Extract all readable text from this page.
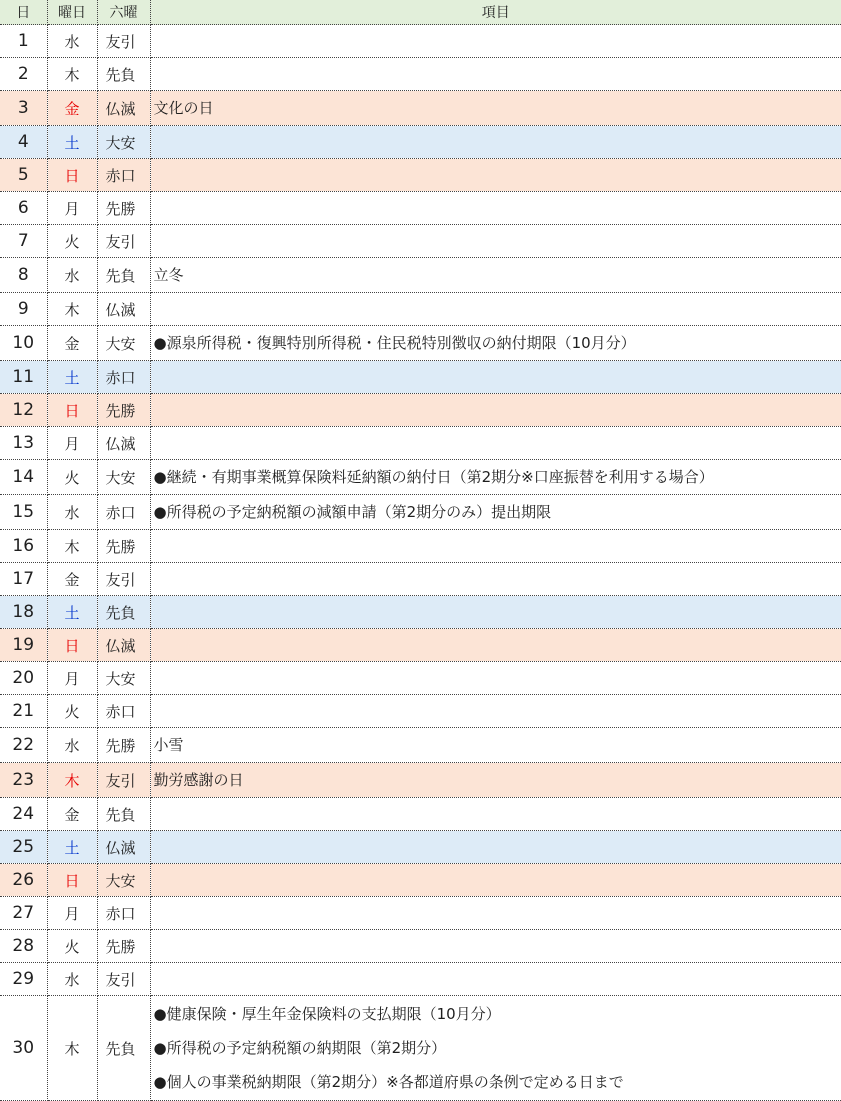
日	曜日	六曜	項目
1	水	友引	
2	木	先負	
3	金	仏滅	文化の日

4	土	大安	
5	日	赤口	
6	月	先勝	
7	火	友引	
8	水	先負	立冬

9	木	仏滅	
10	金	大安	●源泉所得税・復興特別所得税・住民税特別徴収の納付期限（10月分）

11	土	赤口	
12	日	先勝	
13	月	仏滅	
14	火	大安	●継続・有期事業概算保険料延納額の納付日（第2期分※口座振替を利用する場合）

15	水	赤口	●所得税の予定納税額の減額申請（第2期分のみ）提出期限

16	木	先勝	
17	金	友引	
18	土	先負	
19	日	仏滅	
20	月	大安	
21	火	赤口	
22	水	先勝	小雪

23	木	友引	勤労感謝の日

24	金	先負	
25	土	仏滅	
26	日	大安	
27	月	赤口	
28	火	先勝	
29	水	友引	
30	木	先負	●健康保険・厚生年金保険料の支払期限（10月分）
●所得税の予定納税額の納期限（第2期分）
●個人の事業税納期限（第2期分）※各都道府県の条例で定める日まで
